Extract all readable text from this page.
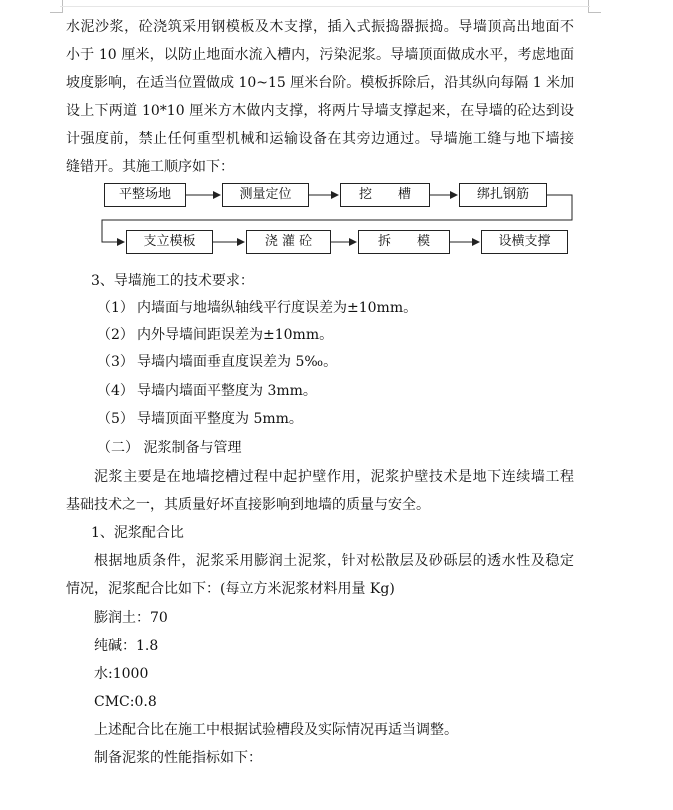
水泥沙浆，砼浇筑采用钢模板及木支撑，插入式振捣器振捣。导墙顶高出地面不
小于 10 厘米，以防止地面水流入槽内，污染泥浆。导墙顶面做成水平，考虑地面
坡度影响，在适当位置做成 10~15 厘米台阶。模板拆除后，沿其纵向每隔 1 米加
设上下两道 10*10 厘米方木做内支撑，将两片导墙支撑起来，在导墙的砼达到设
计强度前，禁止任何重型机械和运输设备在其旁边通过。导墙施工缝与地下墙接
缝错开。其施工顺序如下：
平整场地	测量定位	挖　　槽	绑扎钢筋
支立模板	浇 灌 砼	拆　　模	设横支撑
3、导墙施工的技术要求：
（1） 内墙面与地墙纵轴线平行度误差为±10mm。
（2） 内外导墙间距误差为±10mm。
（3） 导墙内墙面垂直度误差为 5‰。
（4） 导墙内墙面平整度为 3mm。
（5） 导墙顶面平整度为 5mm。
（二） 泥浆制备与管理
泥浆主要是在地墙挖槽过程中起护壁作用，泥浆护壁技术是地下连续墙工程
基础技术之一，其质量好坏直接影响到地墙的质量与安全。
1、泥浆配合比
根据地质条件，泥浆采用膨润土泥浆，针对松散层及砂砾层的透水性及稳定
情况，泥浆配合比如下：(每立方米泥浆材料用量 Kg)
膨润土：70
纯碱：1.8
水:1000
CMC:0.8
上述配合比在施工中根据试验槽段及实际情况再适当调整。
制备泥浆的性能指标如下：
